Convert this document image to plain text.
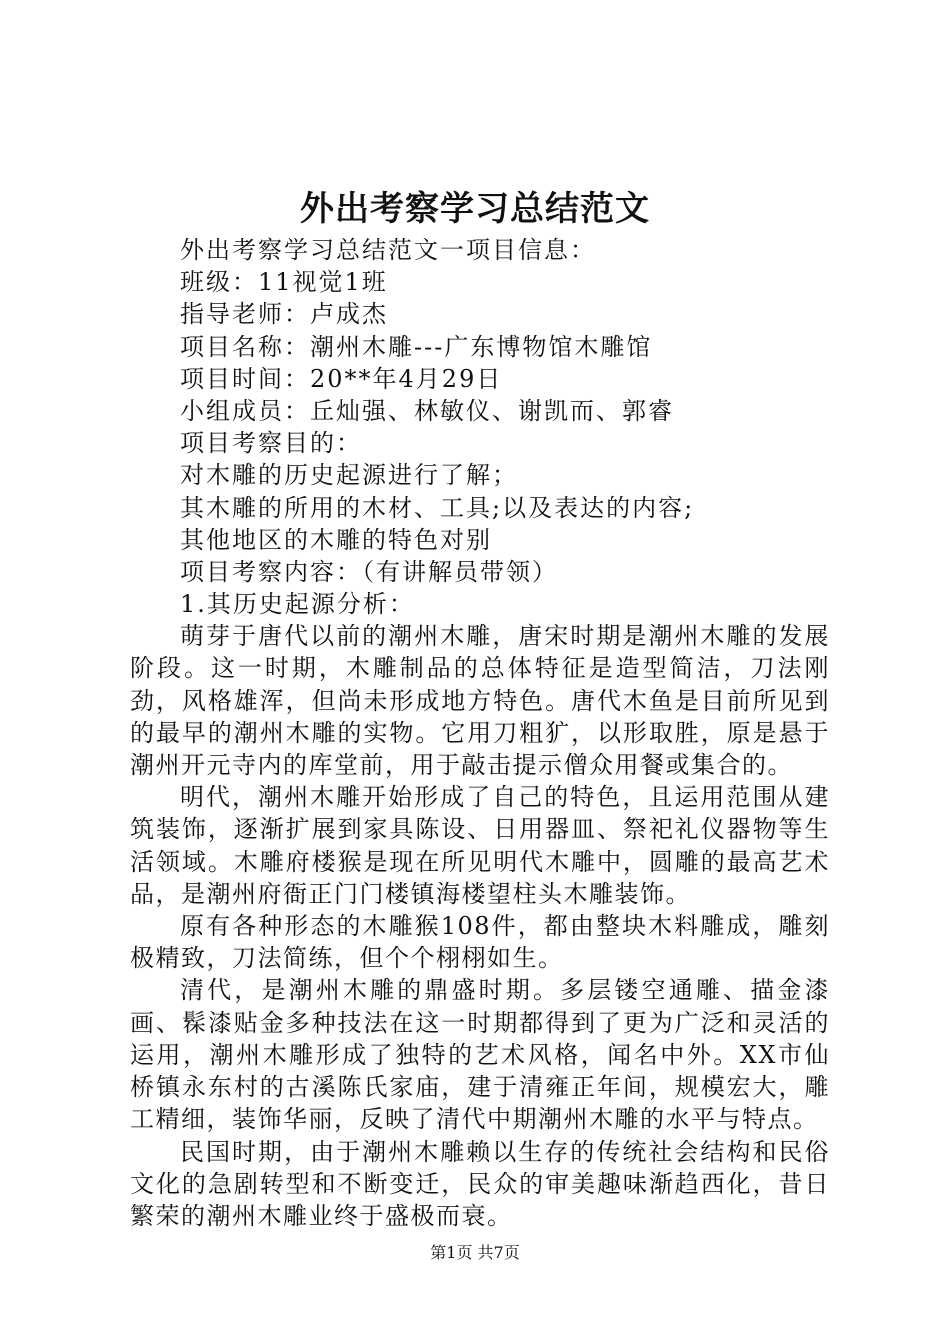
外出考察学习总结范文
外出考察学习总结范文一项目信息：
班级：11视觉1班
指导老师：卢成杰
项目名称：潮州木雕---广东博物馆木雕馆
项目时间：20**年4月29日
小组成员：丘灿强、林敏仪、谢凯而、郭睿
项目考察目的：
对木雕的历史起源进行了解；
其木雕的所用的木材、工具;以及表达的内容;
其他地区的木雕的特色对别
项目考察内容：（有讲解员带领）
1.其历史起源分析：

萌芽于唐代以前的潮州木雕，唐宋时期是潮州木雕的发展阶段。这一时期，木雕制品的总体特征是造型简洁，刀法刚劲，风格雄浑，但尚未形成地方特色。唐代木鱼是目前所见到的最早的潮州木雕的实物。它用刀粗犷，以形取胜，原是悬于潮州开元寺内的库堂前，用于敲击提示僧众用餐或集合的。

明代，潮州木雕开始形成了自己的特色，且运用范围从建筑装饰，逐渐扩展到家具陈设、日用器皿、祭祀礼仪器物等生活领域。木雕府楼猴是现在所见明代木雕中，圆雕的最高艺术品，是潮州府衙正门门楼镇海楼望柱头木雕装饰。

原有各种形态的木雕猴108件，都由整块木料雕成，雕刻极精致，刀法简练，但个个栩栩如生。

清代，是潮州木雕的鼎盛时期。多层镂空通雕、描金漆画、髹漆贴金多种技法在这一时期都得到了更为广泛和灵活的运用，潮州木雕形成了独特的艺术风格，闻名中外。XX市仙桥镇永东村的古溪陈氏家庙，建于清雍正年间，规模宏大，雕工精细，装饰华丽，反映了清代中期潮州木雕的水平与特点。

民国时期，由于潮州木雕赖以生存的传统社会结构和民俗文化的急剧转型和不断变迁，民众的审美趣味渐趋西化，昔日繁荣的潮州木雕业终于盛极而衰。

第1页 共7页
